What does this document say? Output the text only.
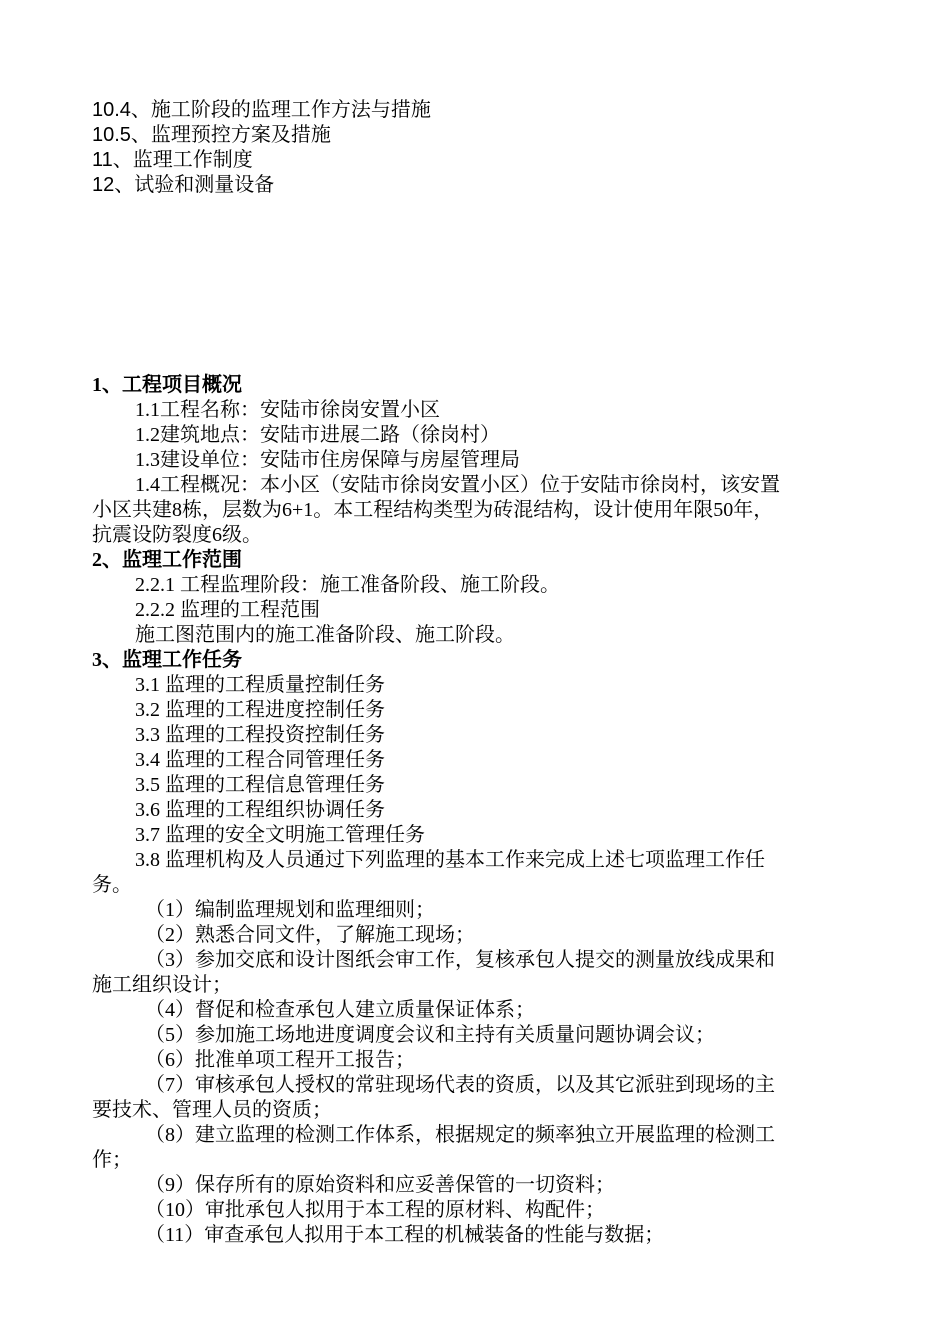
10.4、施工阶段的监理工作方法与措施
10.5、监理预控方案及措施
11、监理工作制度
12、试验和测量设备
1、工程项目概况
1.1工程名称：安陆市徐岗安置小区
1.2建筑地点：安陆市进展二路（徐岗村）
1.3建设单位：安陆市住房保障与房屋管理局
1.4工程概况：本小区（安陆市徐岗安置小区）位于安陆市徐岗村，该安置
小区共建8栋，层数为6+1。本工程结构类型为砖混结构，设计使用年限50年，
抗震设防裂度6级。
2、监理工作范围
2.2.1 工程监理阶段：施工准备阶段、施工阶段。
2.2.2 监理的工程范围
施工图范围内的施工准备阶段、施工阶段。
3、监理工作任务
3.1 监理的工程质量控制任务
3.2 监理的工程进度控制任务
3.3 监理的工程投资控制任务
3.4 监理的工程合同管理任务
3.5 监理的工程信息管理任务
3.6 监理的工程组织协调任务
3.7 监理的安全文明施工管理任务
3.8 监理机构及人员通过下列监理的基本工作来完成上述七项监理工作任
务。
（1）编制监理规划和监理细则；
（2）熟悉合同文件，了解施工现场；
（3）参加交底和设计图纸会审工作，复核承包人提交的测量放线成果和
施工组织设计；
（4）督促和检查承包人建立质量保证体系；
（5）参加施工场地进度调度会议和主持有关质量问题协调会议；
（6）批准单项工程开工报告；
（7）审核承包人授权的常驻现场代表的资质，以及其它派驻到现场的主
要技术、管理人员的资质；
（8）建立监理的检测工作体系，根据规定的频率独立开展监理的检测工
作；
（9）保存所有的原始资料和应妥善保管的一切资料；
（10）审批承包人拟用于本工程的原材料、构配件；
（11）审查承包人拟用于本工程的机械装备的性能与数据；
